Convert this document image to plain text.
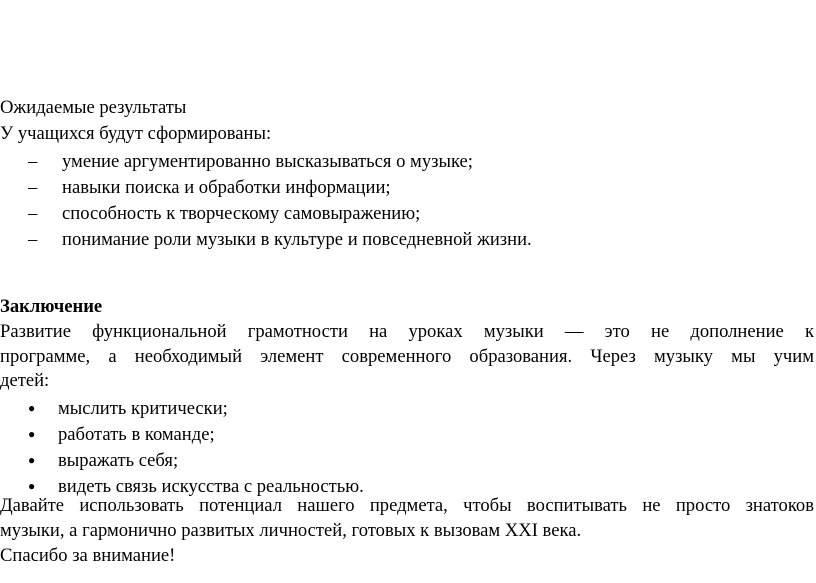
Ожидаемые результаты
У учащихся будут сформированы:
– умение аргументированно высказываться о музыке;
– навыки поиска и обработки информации;
– способность к творческому самовыражению;
– понимание роли музыки в культуре и повседневной жизни.
Заключение
Развитие функциональной грамотности на уроках музыки — это не дополнение к
программе, а необходимый элемент современного образования. Через музыку мы учим
детей:
● мыслить критически;
● работать в команде;
● выражать себя;
● видеть связь искусства с реальностью.
Давайте использовать потенциал нашего предмета, чтобы воспитывать не просто знатоков
музыки, а гармонично развитых личностей, готовых к вызовам XXI века.
Спасибо за внимание!
